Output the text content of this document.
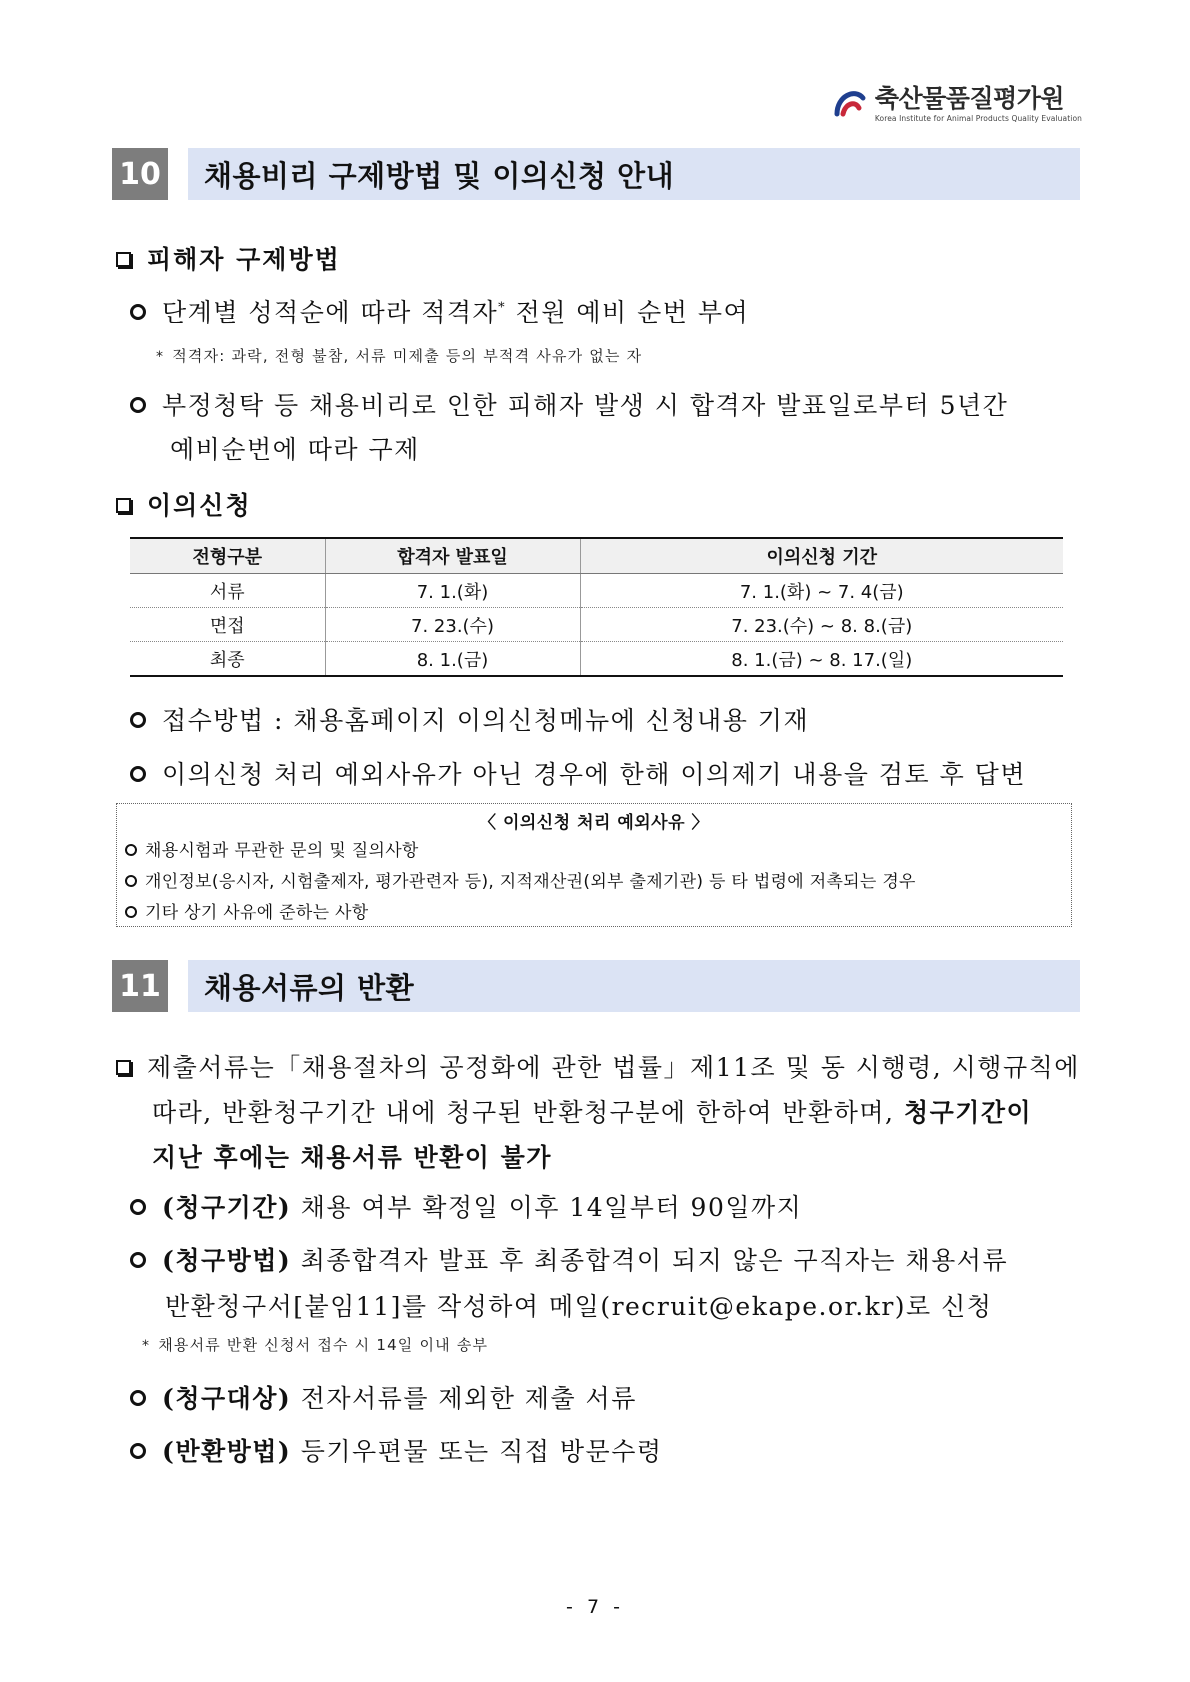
축산물품질평가원
Korea Institute for Animal Products Quality Evaluation
10	채용비리 구제방법 및 이의신청 안내
피해자 구제방법
단계별 성적순에 따라 적격자* 전원 예비 순번 부여
* 적격자: 과락, 전형 불참, 서류 미제출 등의 부적격 사유가 없는 자
부정청탁 등 채용비리로 인한 피해자 발생 시 합격자 발표일로부터 5년간
예비순번에 따라 구제
이의신청
전형구분	합격자 발표일	이의신청 기간
서류	7. 1.(화)	7. 1.(화) ~ 7. 4(금)
면접	7. 23.(수)	7. 23.(수) ~ 8. 8.(금)
최종	8. 1.(금)	8. 1.(금) ~ 8. 17.(일)
접수방법 : 채용홈페이지 이의신청메뉴에 신청내용 기재
이의신청 처리 예외사유가 아닌 경우에 한해 이의제기 내용을 검토 후 답변
〈 이의신청 처리 예외사유 〉
채용시험과 무관한 문의 및 질의사항
개인정보(응시자, 시험출제자, 평가관련자 등), 지적재산권(외부 출제기관) 등 타 법령에 저촉되는 경우
기타 상기 사유에 준하는 사항
11	채용서류의 반환
제출서류는「채용절차의 공정화에 관한 법률」제11조 및 동 시행령, 시행규칙에
따라, 반환청구기간 내에 청구된 반환청구분에 한하여 반환하며, 청구기간이
지난 후에는 채용서류 반환이 불가
(청구기간) 채용 여부 확정일 이후 14일부터 90일까지
(청구방법) 최종합격자 발표 후 최종합격이 되지 않은 구직자는 채용서류
반환청구서[붙임11]를 작성하여 메일(recruit@ekape.or.kr)로 신청
* 채용서류 반환 신청서 접수 시 14일 이내 송부
(청구대상) 전자서류를 제외한 제출 서류
(반환방법) 등기우편물 또는 직접 방문수령
- 7 -
